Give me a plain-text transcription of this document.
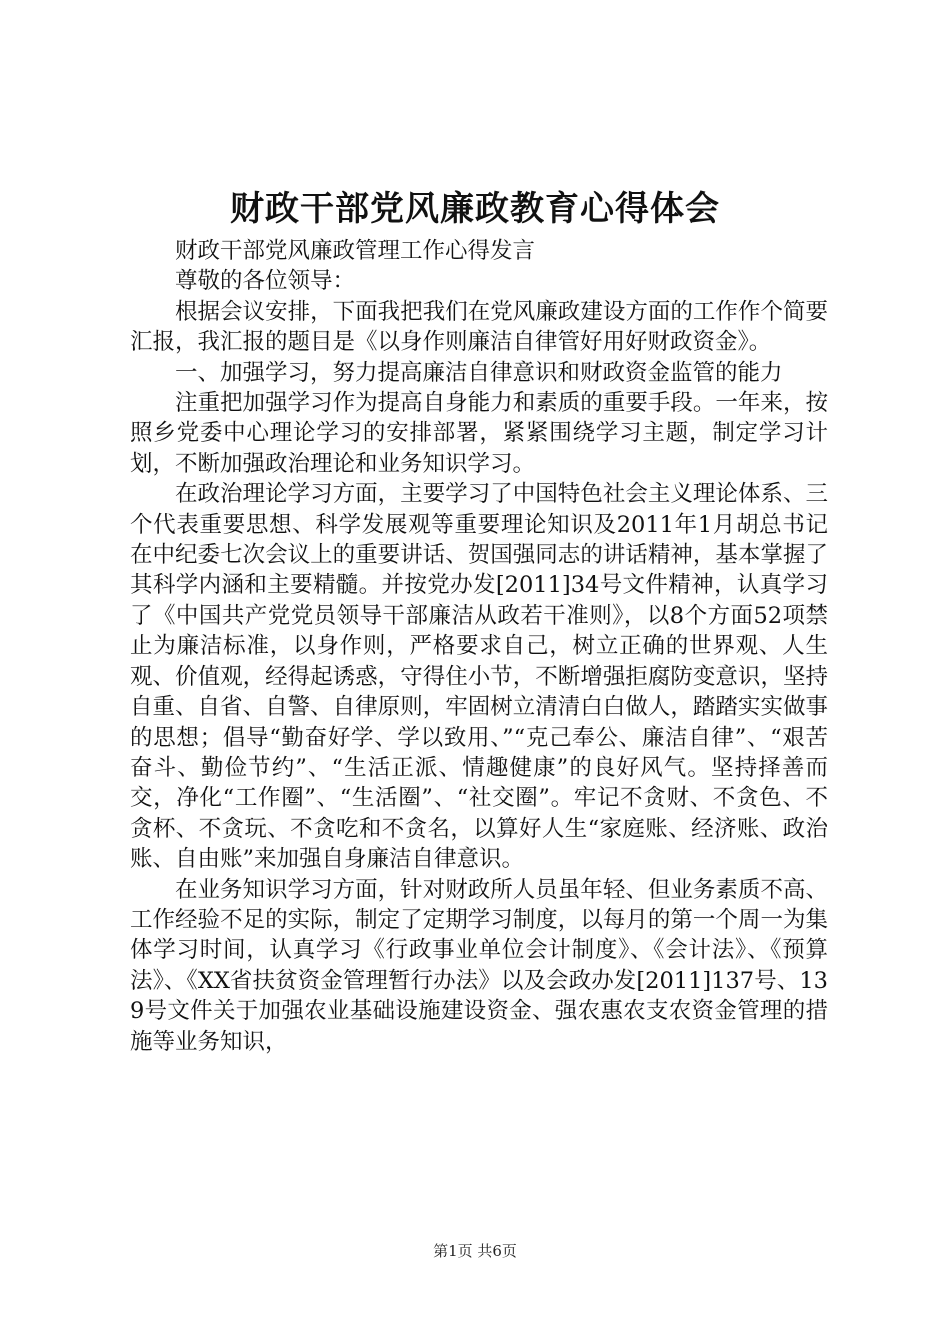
财政干部党风廉政教育心得体会

财政干部党风廉政管理工作心得发言

尊敬的各位领导：

根据会议安排，下面我把我们在党风廉政建设方面的工作作个简要汇报，我汇报的题目是《以身作则廉洁自律管好用好财政资金》。

一、加强学习，努力提高廉洁自律意识和财政资金监管的能力

注重把加强学习作为提高自身能力和素质的重要手段。一年来，按照乡党委中心理论学习的安排部署，紧紧围绕学习主题，制定学习计划，不断加强政治理论和业务知识学习。

在政治理论学习方面，主要学习了中国特色社会主义理论体系、三个代表重要思想、科学发展观等重要理论知识及2011年1月胡总书记在中纪委七次会议上的重要讲话、贺国强同志的讲话精神，基本掌握了其科学内涵和主要精髓。并按党办发[2011]34号文件精神，认真学习了《中国共产党党员领导干部廉洁从政若干准则》，以8个方面52项禁止为廉洁标准，以身作则，严格要求自己，树立正确的世界观、人生观、价值观，经得起诱惑，守得住小节，不断增强拒腐防变意识，坚持自重、自省、自警、自律原则，牢固树立清清白白做人，踏踏实实做事的思想；倡导“勤奋好学、学以致用、”“克己奉公、廉洁自律”、“艰苦奋斗、勤俭节约”、“生活正派、情趣健康”的良好风气。坚持择善而交，净化“工作圈”、“生活圈”、“社交圈”。牢记不贪财、不贪色、不贪杯、不贪玩、不贪吃和不贪名，以算好人生“家庭账、经济账、政治账、自由账”来加强自身廉洁自律意识。

在业务知识学习方面，针对财政所人员虽年轻、但业务素质不高、工作经验不足的实际，制定了定期学习制度，以每月的第一个周一为集体学习时间，认真学习《行政事业单位会计制度》、《会计法》、《预算法》、《XX省扶贫资金管理暂行办法》以及会政办发[2011]137号、139号文件关于加强农业基础设施建设资金、强农惠农支农资金管理的措施等业务知识，

第1页 共6页
